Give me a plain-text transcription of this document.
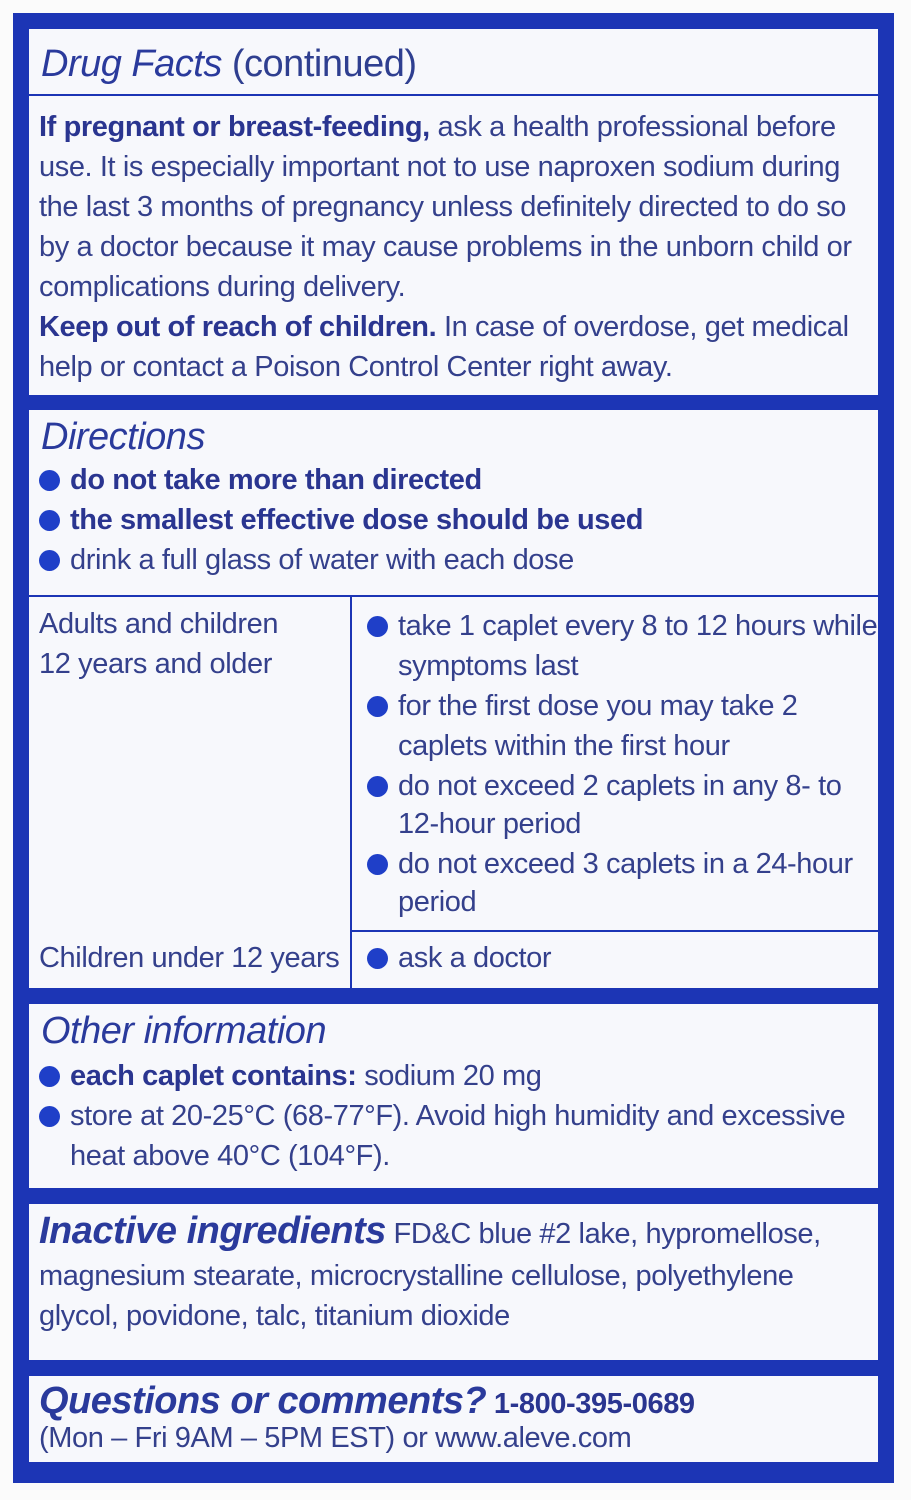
Drug Facts (continued)
If pregnant or breast-feeding, ask a health professional before
use. It is especially important not to use naproxen sodium during
the last 3 months of pregnancy unless definitely directed to do so
by a doctor because it may cause problems in the unborn child or
complications during delivery.
Keep out of reach of children. In case of overdose, get medical
help or contact a Poison Control Center right away.
Directions
do not take more than directed
the smallest effective dose should be used
drink a full glass of water with each dose
Adults and children
12 years and older
take 1 caplet every 8 to 12 hours while
symptoms last
for the first dose you may take 2
caplets within the first hour
do not exceed 2 caplets in any 8- to
12-hour period
do not exceed 3 caplets in a 24-hour
period
Children under 12 years	ask a doctor
Other information
each caplet contains: sodium 20 mg
store at 20-25°C (68-77°F). Avoid high humidity and excessive
heat above 40°C (104°F).
Inactive ingredients FD&C blue #2 lake, hypromellose,
magnesium stearate, microcrystalline cellulose, polyethylene
glycol, povidone, talc, titanium dioxide
Questions or comments? 1-800-395-0689
(Mon – Fri 9AM – 5PM EST) or www.aleve.com
